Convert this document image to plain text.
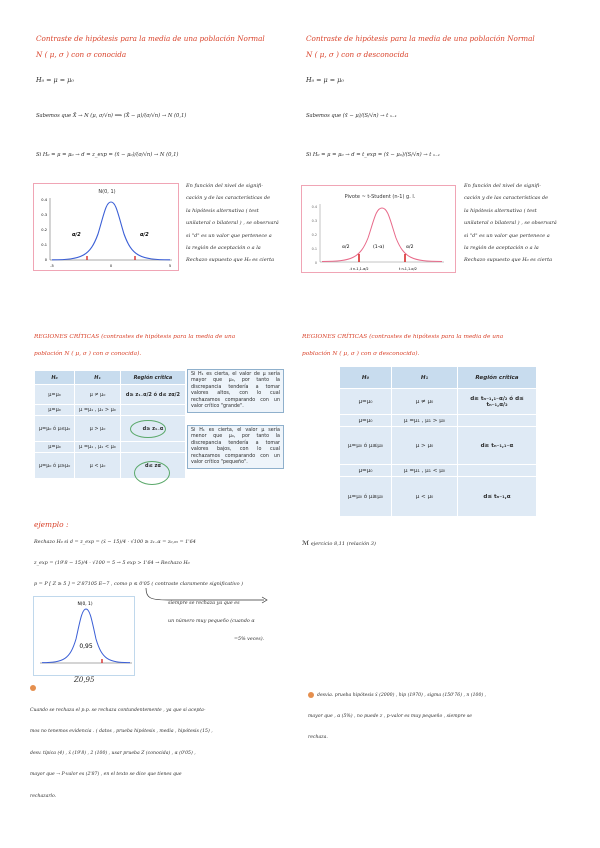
Contraste de hipótesis para la media de una población Normal
N ( μ, σ ) con σ conocida
H₀ = μ = μ₀
Sabemos que X̄ → N (μ, σ/√n) ⟹ (X̄ − μ)/(σ/√n) → N (0,1)
Si H₀ = μ = μ₀ → d = z_exp = (x̄ − μ₀)/(σ/√n) → N (0,1)
Contraste de hipótesis para la media de una población Normal
N ( μ, σ ) con σ desconocida
H₀ = μ = μ₀
Sabemos que (x̄ − μ)/(S/√n) → t ₙ₋₁
Si H₀ = μ = μ₀ → d = t_exp = (x̄ − μ₀)/(S/√n) → t ₙ₋₁
N(0, 1)
0.4
0.3
0.2
0.1
0
-5	0	5
α/2	α/2
En función del nivel de signifi-
cación y de las características de
la hipótesis alternativa ( test
unilateral o bilateral ) , se observará
si "d" es un valor que pertenece a
la región de aceptación o a la
Rechazo supuesto que H₀ es cierta
Pivote ~ t-Student (n-1) g. l.
0.4
0.3
0.2
0.1
0
α/2	(1-α)	α/2
-t n-1,1-α/2	t n-1,1-α/2
En función del nivel de signifi-
cación y de las características de
la hipótesis alternativa ( test
unilateral o bilateral ) , se observará
si "d" es un valor que pertenece a
la región de aceptación o a la
Rechazo supuesto que H₀ es cierta
REGIONES CRÍTICAS (contrastes de hipótesis para la media de una
población N ( μ, σ ) con σ conocida).
H₀	H₁	Región crítica
μ=μ₀	μ ≠ μ₀	d≥ z₁₋α/2 ó d≤ zα/2
μ=μ₀	μ =μ₁ , μ₁ > μ₀	
μ=μ₀ ó μ≤μ₀	μ > μ₀	d≥ z₁₋α
μ=μ₀	μ =μ₁ , μ₁ < μ₀	
μ=μ₀ ó μ≥μ₀	μ < μ₀	d≤ zα
Si H₁ es cierta, el valor de μ sería mayor que μ₀, por tanto la discrepancia tendería a tomar valores altos, con lo cual rechazamos comparando con un valor crítico "grande".
Si H₁ es cierta, el valor μ sería menor que μ₀, por tanto la discrepancia tendería a tomar valores bajos, con lo cual rechazamos comparando con un valor crítico "pequeño".
REGIONES CRÍTICAS (contrastes de hipótesis para la media de una
población N ( μ, σ ) con σ desconocida).
H₀	H₁	Región crítica
μ=μ₀	μ ≠ μ₀	d≥ tₙ₋₁,₁₋α/₂ ó d≤ tₙ₋₁,α/₂
μ=μ₀	μ =μ₁ , μ₁ > μ₀	
μ=μ₀ ó μ≤μ₀	μ > μ₀	d≥ tₙ₋₁,₁₋α
μ=μ₀	μ =μ₁ , μ₁ < μ₀	
μ=μ₀ ó μ≥μ₀	μ < μ₀	d≤ tₙ₋₁,α
ejemplo :
Rechazo H₀ si d = z_exp = (x̄ − 15)/4 · √100 ≥ z₁₋α = z₀,₉₅ = 1'64
z_exp = (19'8 − 15)/4 · √100 = 5 → 5 exp > 1'64 → Rechazo H₀
p = P [ Z ≥ 5 ] = 2'87105 E−7 , como p ≤ 0'05 ( contraste claramente significativo )
siempre se rechaza ya que es
un número muy pequeño (cuando α
=5% veces).
N(0, 1)
0,95
Z0,95
ℳ ejercicio 8,11 (relación 3)
Cuando se rechaza el p.p. se rechaza contundentemente , ya que si acepta-
mos no tenemos evidencia . ( datos , prueba hipótesis , media , hipótesis (15) ,
desv. típica (4) , x̄ (19'8) , 2 (100) , usar prueba Z (conocida) , α (0'05) ,
mayor que → P-valor es (2'87) , en el texto se dice que tienes que
rechazarlo.
desvia. prueba hipótesis x̄ (2000) , hip (1970) , sigma (150'76) , n (100) ,
mayor que , α (5%) , no puede z , p-valor es muy pequeño , siempre se
rechaza.
